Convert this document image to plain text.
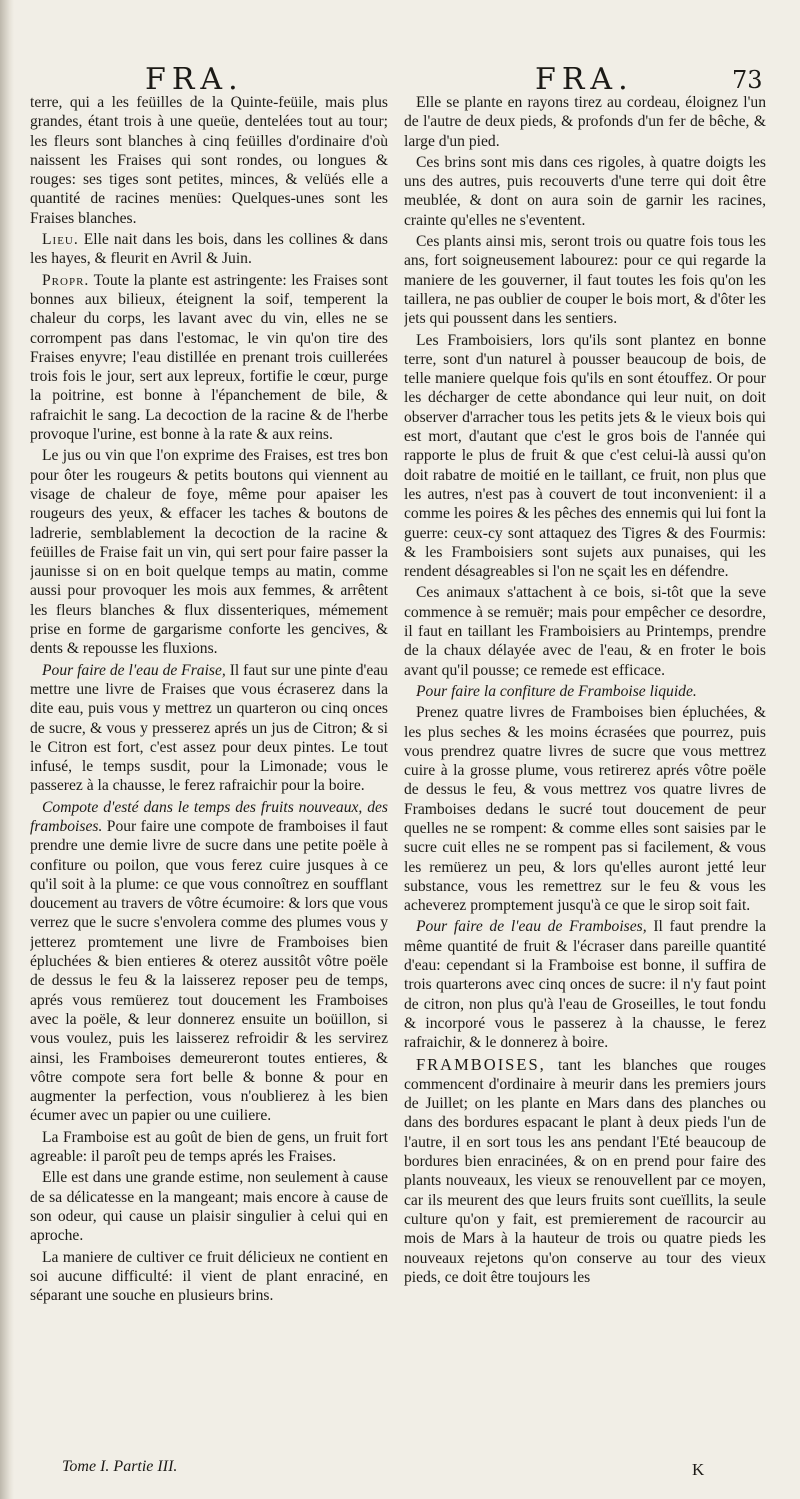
FRA.	FRA.	73

terre, qui a les feüilles de la Quinte-feüile, mais plus grandes, étant trois à une queüe, dentelées tout au tour; les fleurs sont blanches à cinq feüilles d'ordinaire d'où naissent les Fraises qui sont rondes, ou longues & rouges: ses tiges sont petites, minces, & velüés elle a quantité de racines menües: Quelques-unes sont les Fraises blanches.

Lieu. Elle nait dans les bois, dans les collines & dans les hayes, & fleurit en Avril & Juin.

Propr. Toute la plante est astringente: les Fraises sont bonnes aux bilieux, éteignent la soif, temperent la chaleur du corps, les lavant avec du vin, elles ne se corrompent pas dans l'estomac, le vin qu'on tire des Fraises enyvre; l'eau distillée en prenant trois cuillerées trois fois le jour, sert aux lepreux, fortifie le cœur, purge la poitrine, est bonne à l'épanchement de bile, & rafraichit le sang. La decoction de la racine & de l'herbe provoque l'urine, est bonne à la rate & aux reins.

Le jus ou vin que l'on exprime des Fraises, est tres bon pour ôter les rougeurs & petits boutons qui viennent au visage de chaleur de foye, même pour apaiser les rougeurs des yeux, & effacer les taches & boutons de ladrerie, semblablement la decoction de la racine & feüilles de Fraise fait un vin, qui sert pour faire passer la jaunisse si on en boit quelque temps au matin, comme aussi pour provoquer les mois aux femmes, & arrêtent les fleurs blanches & flux dissenteriques, mémement prise en forme de gargarisme conforte les gencives, & dents & repousse les fluxions.

Pour faire de l'eau de Fraise, Il faut sur une pinte d'eau mettre une livre de Fraises que vous écraserez dans la dite eau, puis vous y mettrez un quarteron ou cinq onces de sucre, & vous y presserez aprés un jus de Citron; & si le Citron est fort, c'est assez pour deux pintes. Le tout infusé, le temps susdit, pour la Limonade; vous le passerez à la chausse, le ferez rafraichir pour la boire.

Compote d'esté dans le temps des fruits nouveaux, des framboises. Pour faire une compote de framboises il faut prendre une demie livre de sucre dans une petite poële à confiture ou poilon, que vous ferez cuire jusques à ce qu'il soit à la plume: ce que vous connoîtrez en soufflant doucement au travers de vôtre écumoire: & lors que vous verrez que le sucre s'envolera comme des plumes vous y jetterez promtement une livre de Framboises bien épluchées & bien entieres & oterez aussitôt vôtre poële de dessus le feu & la laisserez reposer peu de temps, aprés vous remüerez tout doucement les Framboises avec la poële, & leur donnerez ensuite un boüillon, si vous voulez, puis les laisserez refroidir & les servirez ainsi, les Framboises demeureront toutes entieres, & vôtre compote sera fort belle & bonne & pour en augmenter la perfection, vous n'oublierez à les bien écumer avec un papier ou une cuiliere.

La Framboise est au goût de bien de gens, un fruit fort agreable: il paroît peu de temps aprés les Fraises.

Elle est dans une grande estime, non seulement à cause de sa délicatesse en la mangeant; mais encore à cause de son odeur, qui cause un plaisir singulier à celui qui en aproche.

La maniere de cultiver ce fruit délicieux ne contient en soi aucune difficulté: il vient de plant enraciné, en séparant une souche en plusieurs brins.

Elle se plante en rayons tirez au cordeau, éloignez l'un de l'autre de deux pieds, & profonds d'un fer de bêche, & large d'un pied.

Ces brins sont mis dans ces rigoles, à quatre doigts les uns des autres, puis recouverts d'une terre qui doit être meublée, & dont on aura soin de garnir les racines, crainte qu'elles ne s'eventent.

Ces plants ainsi mis, seront trois ou quatre fois tous les ans, fort soigneusement labourez: pour ce qui regarde la maniere de les gouverner, il faut toutes les fois qu'on les taillera, ne pas oublier de couper le bois mort, & d'ôter les jets qui poussent dans les sentiers.

Les Framboisiers, lors qu'ils sont plantez en bonne terre, sont d'un naturel à pousser beaucoup de bois, de telle maniere quelque fois qu'ils en sont étouffez. Or pour les décharger de cette abondance qui leur nuit, on doit observer d'arracher tous les petits jets & le vieux bois qui est mort, d'autant que c'est le gros bois de l'année qui rapporte le plus de fruit & que c'est celui-là aussi qu'on doit rabatre de moitié en le taillant, ce fruit, non plus que les autres, n'est pas à couvert de tout inconvenient: il a comme les poires & les pêches des ennemis qui lui font la guerre: ceux-cy sont attaquez des Tigres & des Fourmis: & les Framboisiers sont sujets aux punaises, qui les rendent désagreables si l'on ne sçait les en défendre.

Ces animaux s'attachent à ce bois, si-tôt que la seve commence à se remuër; mais pour empêcher ce desordre, il faut en taillant les Framboisiers au Printemps, prendre de la chaux délayée avec de l'eau, & en froter le bois avant qu'il pousse; ce remede est efficace.

Pour faire la confiture de Framboise liquide.

Prenez quatre livres de Framboises bien épluchées, & les plus seches & les moins écrasées que pourrez, puis vous prendrez quatre livres de sucre que vous mettrez cuire à la grosse plume, vous retirerez aprés vôtre poële de dessus le feu, & vous mettrez vos quatre livres de Framboises dedans le sucré tout doucement de peur quelles ne se rompent: & comme elles sont saisies par le sucre cuit elles ne se rompent pas si facilement, & vous les remüerez un peu, & lors qu'elles auront jetté leur substance, vous les remettrez sur le feu & vous les acheverez promptement jusqu'à ce que le sirop soit fait.

Pour faire de l'eau de Framboises, Il faut prendre la même quantité de fruit & l'écraser dans pareille quantité d'eau: cependant si la Framboise est bonne, il suffira de trois quarterons avec cinq onces de sucre: il n'y faut point de citron, non plus qu'à l'eau de Groseilles, le tout fondu & incorporé vous le passerez à la chausse, le ferez rafraichir, & le donnerez à boire.

FRAMBOISES, tant les blanches que rouges commencent d'ordinaire à meurir dans les premiers jours de Juillet; on les plante en Mars dans des planches ou dans des bordures espacant le plant à deux pieds l'un de l'autre, il en sort tous les ans pendant l'Eté beaucoup de bordures bien enracinées, & on en prend pour faire des plants nouveaux, les vieux se renouvellent par ce moyen, car ils meurent des que leurs fruits sont cueïllits, la seule culture qu'on y fait, est premierement de racourcir au mois de Mars à la hauteur de trois ou quatre pieds les nouveaux rejetons qu'on conserve au tour des vieux pieds, ce doit être toujours les

Tome I. Partie III.	K
